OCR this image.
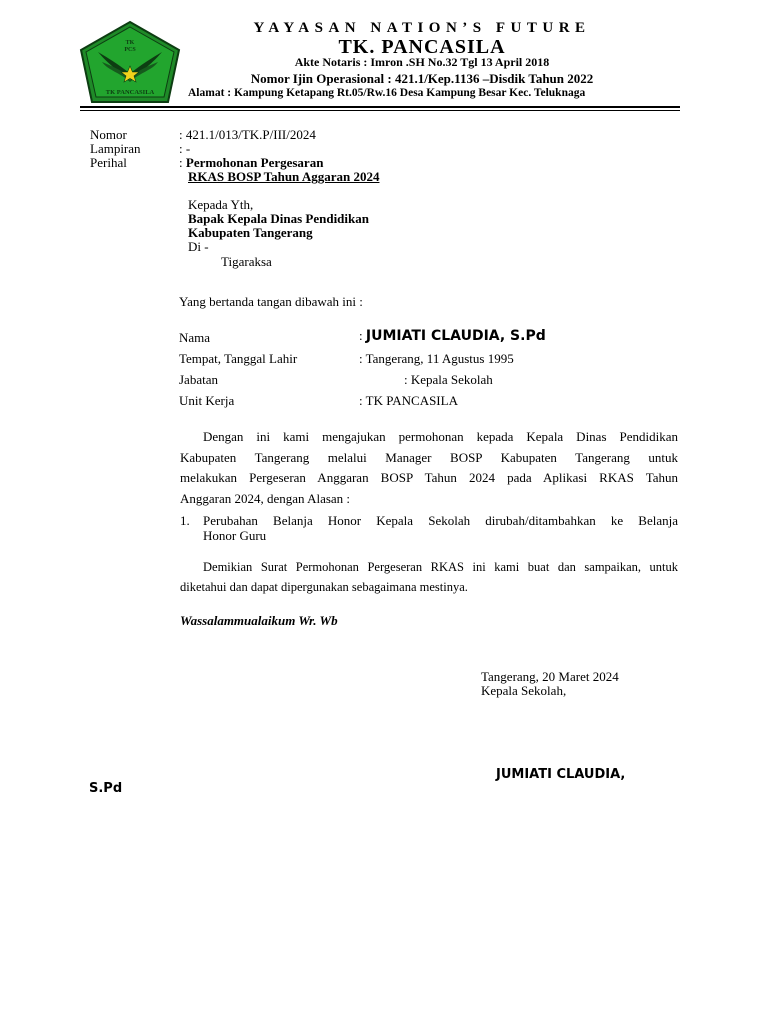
TK
PCS
TK PANCASILA
YAYASAN NATION’S FUTURE
TK. PANCASILA
Akte Notaris : Imron .SH No.32 Tgl 13 April 2018
Nomor Ijin Operasional : 421.1/Kep.1136 –Disdik Tahun 2022
Alamat : Kampung Ketapang Rt.05/Rw.16 Desa Kampung Besar Kec. Teluknaga
Nomor	: 421.1/013/TK.P/III/2024
Lampiran	: -
Perihal	: Permohonan Pergesaran
RKAS BOSP Tahun Aggaran 2024
Kepada Yth,
Bapak Kepala Dinas Pendidikan
Kabupaten Tangerang
Di -
Tigaraksa
Yang bertanda tangan dibawah ini :
Nama	: JUMIATI CLAUDIA, S.Pd
Tempat, Tanggal Lahir	: Tangerang, 11 Agustus 1995
Jabatan	: Kepala Sekolah
Unit Kerja	: TK PANCASILA
Dengan ini kami mengajukan permohonan kepada Kepala Dinas Pendidikan
Kabupaten Tangerang melalui Manager BOSP Kabupaten Tangerang untuk
melakukan Pergeseran Anggaran BOSP Tahun 2024 pada Aplikasi RKAS Tahun
Anggaran 2024, dengan Alasan :
1. Perubahan Belanja Honor Kepala Sekolah dirubah/ditambahkan ke Belanja
Honor Guru
Demikian Surat Permohonan Pergeseran RKAS ini kami buat dan sampaikan, untuk
diketahui dan dapat dipergunakan sebagaimana mestinya.
Wassalammualaikum Wr. Wb
Tangerang, 20 Maret 2024
Kepala Sekolah,
JUMIATI CLAUDIA,
S.Pd
